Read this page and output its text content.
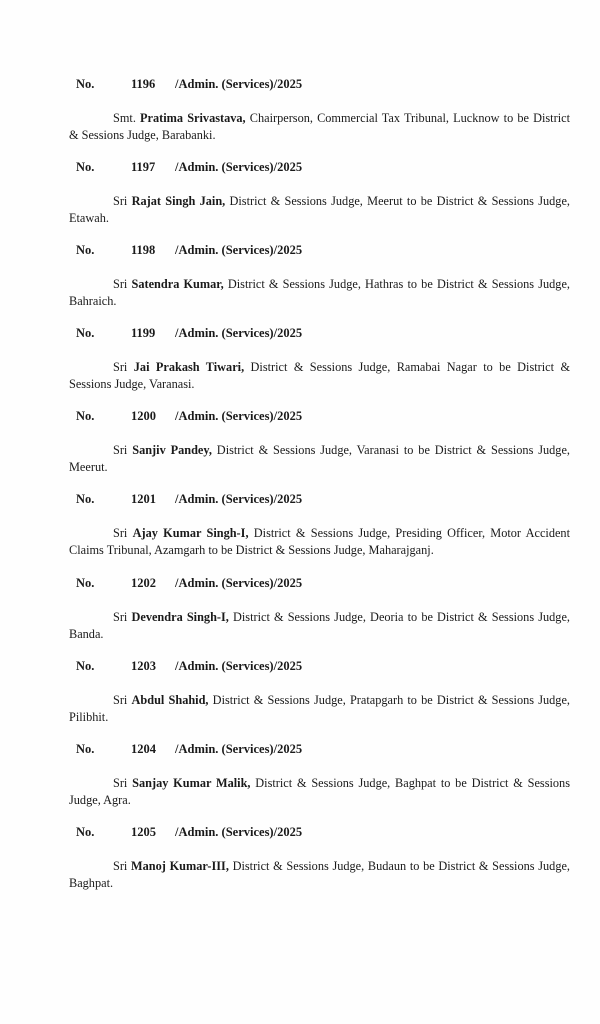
No.	1196 /Admin. (Services)/2025
Smt. Pratima Srivastava, Chairperson, Commercial Tax Tribunal, Lucknow to be District & Sessions Judge, Barabanki.
No.	1197 /Admin. (Services)/2025
Sri Rajat Singh Jain, District & Sessions Judge, Meerut to be District & Sessions Judge, Etawah.
No.	1198 /Admin. (Services)/2025
Sri Satendra Kumar, District & Sessions Judge, Hathras to be District & Sessions Judge, Bahraich.
No.	1199 /Admin. (Services)/2025
Sri Jai Prakash Tiwari, District & Sessions Judge, Ramabai Nagar to be District & Sessions Judge, Varanasi.
No.	1200 /Admin. (Services)/2025
Sri Sanjiv Pandey, District & Sessions Judge, Varanasi to be District & Sessions Judge, Meerut.
No.	1201 /Admin. (Services)/2025
Sri Ajay Kumar Singh-I, District & Sessions Judge, Presiding Officer, Motor Accident Claims Tribunal, Azamgarh to be District & Sessions Judge, Maharajganj.
No.	1202 /Admin. (Services)/2025
Sri Devendra Singh-I, District & Sessions Judge, Deoria to be District & Sessions Judge, Banda.
No.	1203 /Admin. (Services)/2025
Sri Abdul Shahid, District & Sessions Judge, Pratapgarh to be District & Sessions Judge, Pilibhit.
No.	1204 /Admin. (Services)/2025
Sri Sanjay Kumar Malik, District & Sessions Judge, Baghpat to be District & Sessions Judge, Agra.
No.	1205 /Admin. (Services)/2025
Sri Manoj Kumar-III, District & Sessions Judge, Budaun to be District & Sessions Judge, Baghpat.
